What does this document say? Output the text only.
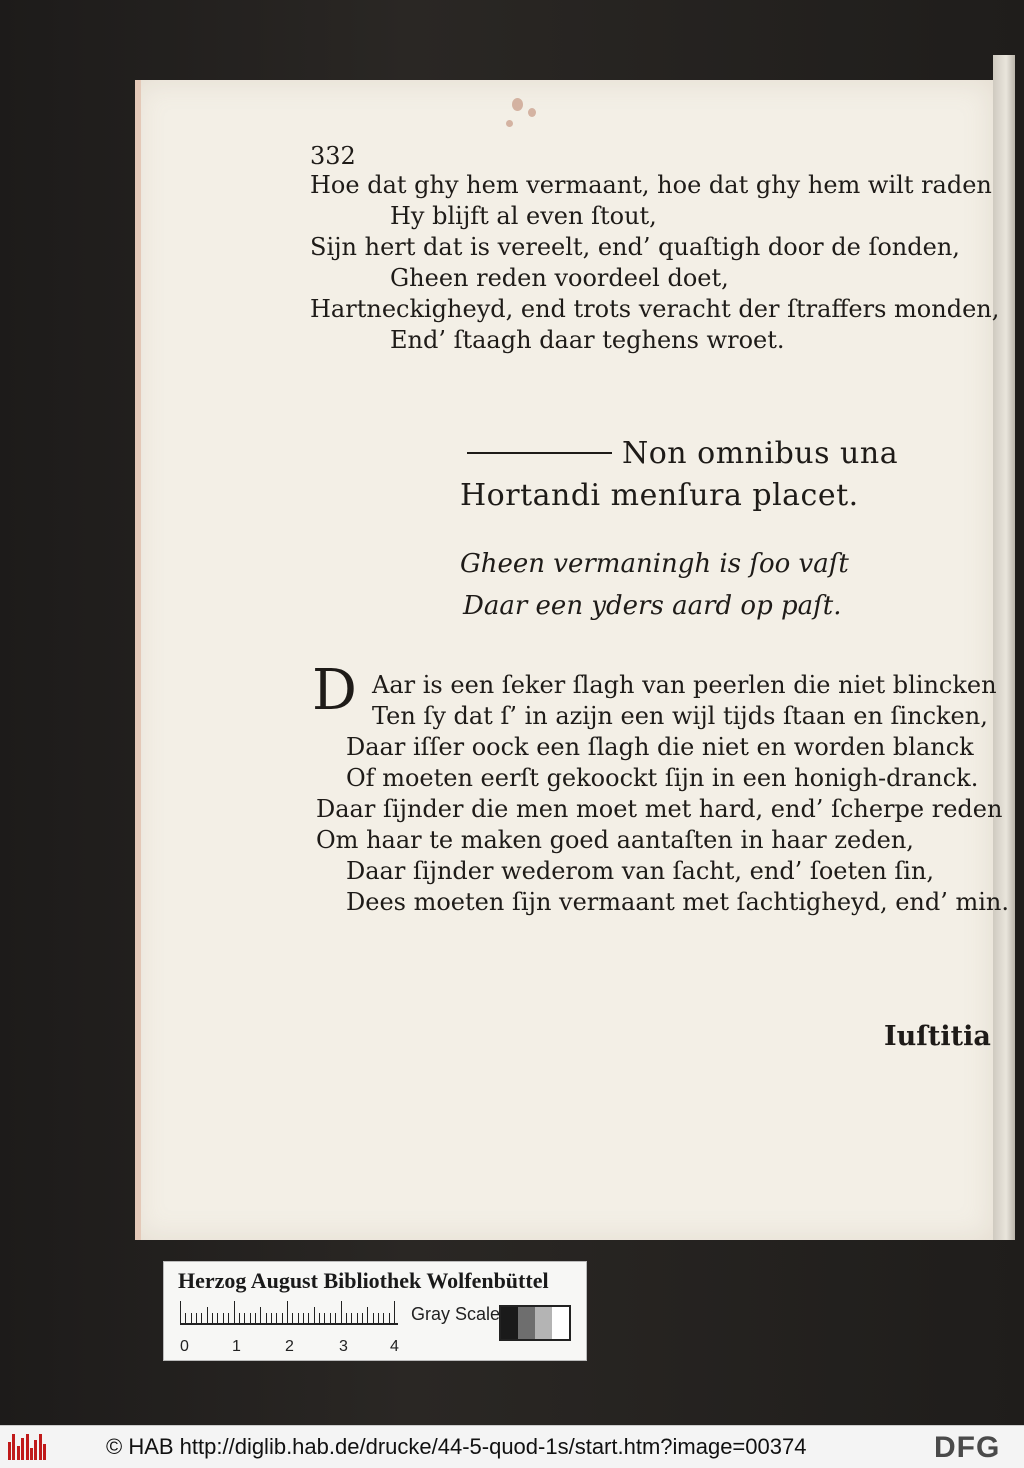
332
Hoe dat ghy hem vermaant, hoe dat ghy hem wilt raden
Hy blijft al even ſtout,
Sijn hert dat is vereelt, end’ quaſtigh door de ſonden,
Gheen reden voordeel doet,
Hartneckigheyd, end trots veracht der ſtraffers monden,
End’ ſtaagh daar teghens wroet.
Non omnibus una
Hortandi menſura placet.
Gheen vermaningh is ſoo vaſt
Daar een yders aard op paſt.
D Aar is een ſeker ſlagh van peerlen die niet blincken
Ten ſy dat ſ’ in azijn een wijl tijds ſtaan en ſincken,
Daar iſſer oock een ſlagh die niet en worden blanck
Of moeten eerſt gekoockt ſijn in een honigh-dranck.
Daar ſijnder die men moet met hard, end’ ſcherpe reden
Om haar te maken goed aantaſten in haar zeden,
Daar ſijnder wederom van ſacht, end’ ſoeten ſin,
Dees moeten ſijn vermaant met ſachtigheyd, end’ min.
Iuſtitia
Herzog August Bibliothek Wolfenbüttel
0	1	2	3	4
Gray Scale
© HAB http://diglib.hab.de/drucke/44-5-quod-1s/start.htm?image=00374	DFG
